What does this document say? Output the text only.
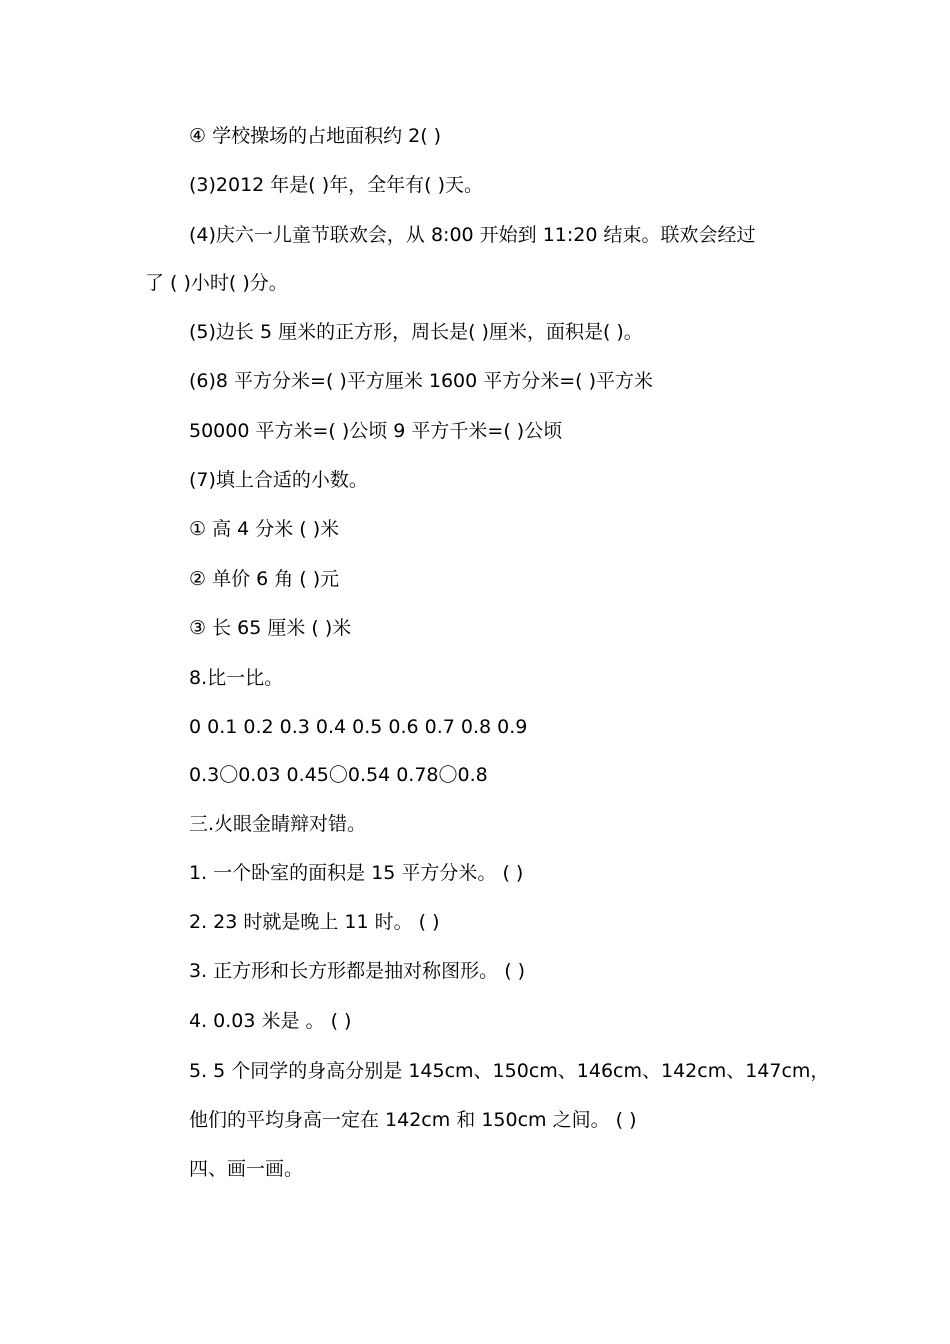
④ 学校操场的占地面积约 2( )
(3)2012 年是( )年，全年有( )天。
(4)庆六一儿童节联欢会，从 8:00 开始到 11:20 结束。联欢会经过
了 ( )小时( )分。
(5)边长 5 厘米的正方形，周长是( )厘米，面积是( )。
(6)8 平方分米=( )平方厘米 1600 平方分米=( )平方米
50000 平方米=( )公顷 9 平方千米=( )公顷
(7)填上合适的小数。
① 高 4 分米 ( )米
② 单价 6 角 ( )元
③ 长 65 厘米 ( )米
8.比一比。
0 0.1 0.2 0.3 0.4 0.5 0.6 0.7 0.8 0.9
0.3〇0.03 0.45〇0.54 0.78〇0.8
三.火眼金睛辩对错。
1. 一个卧室的面积是 15 平方分米。 ( )
2. 23 时就是晚上 11 时。 ( )
3. 正方形和长方形都是抽对称图形。 ( )
4. 0.03 米是 。 ( )
5. 5 个同学的身高分别是 145cm、150cm、146cm、142cm、147cm，
他们的平均身高一定在 142cm 和 150cm 之间。 ( )
四、画一画。
